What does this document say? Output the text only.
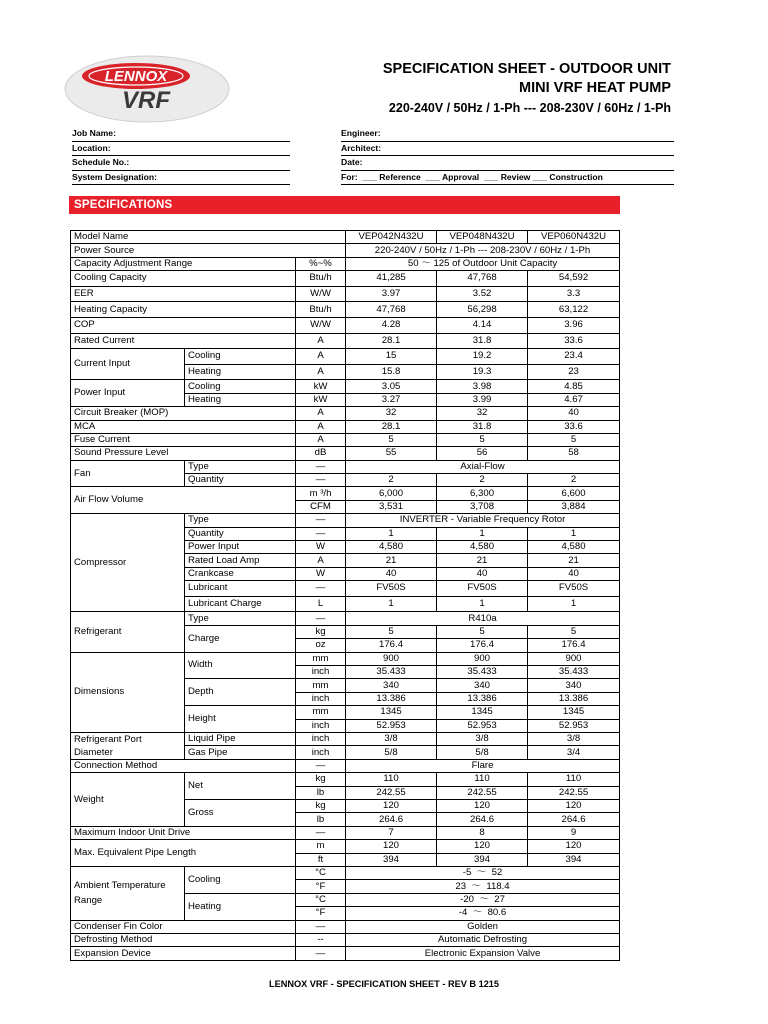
LENNOX
VRF
SPECIFICATION SHEET - OUTDOOR UNIT
MINI VRF HEAT PUMP
220-240V / 50Hz / 1-Ph --- 208-230V / 60Hz / 1-Ph
Job Name:
Location:
Schedule No.:
System Designation:
Engineer:
Architect:
Date:
For:  ___ Reference  ___ Approval  ___ Review ___ Construction
SPECIFICATIONS
Model Name			VEP042N432U	VEP048N432U	VEP060N432U
Power Source			220-240V / 50Hz / 1-Ph --- 208-230V / 60Hz / 1-Ph		
Capacity Adjustment Range		%~%	50 ～ 125 of Outdoor Unit Capacity		
Cooling Capacity		Btu/h	41,285	47,768	54,592
EER		W/W	3.97	3.52	3.3
Heating Capacity		Btu/h	47,768	56,298	63,122
COP		W/W	4.28	4.14	3.96
Rated Current		A	28.1	31.8	33.6
Current Input	Cooling	A	15	19.2	23.4
	Heating	A	15.8	19.3	23
Power Input	Cooling	kW	3.05	3.98	4.85
	Heating	kW	3.27	3.99	4.67
Circuit Breaker (MOP)		A	32	32	40
MCA		A	28.1	31.8	33.6
Fuse Current		A	5	5	5
Sound Pressure Level		dB	55	56	58
Fan	Type	—	Axial-Flow		
	Quantity	—	2	2	2
Air Flow Volume		m ³/h	6,000	6,300	6,600
		CFM	3,531	3,708	3,884
Compressor	Type	—	INVERTER - Variable Frequency Rotor		
	Quantity	—	1	1	1
	Power Input	W	4,580	4,580	4,580
	Rated Load Amp	A	21	21	21
	Crankcase	W	40	40	40
	Lubricant	—	FV50S	FV50S	FV50S
	Lubricant Charge	L	1	1	1
Refrigerant	Type	—	R410a		
	Charge	kg	5	5	5
		oz	176.4	176.4	176.4
Dimensions	Width	mm	900	900	900
		inch	35.433	35.433	35.433
	Depth	mm	340	340	340
		inch	13.386	13.386	13.386
	Height	mm	1345	1345	1345
		inch	52.953	52.953	52.953
Refrigerant Port Diameter	Liquid Pipe	inch	3/8	3/8	3/8
	Gas Pipe	inch	5/8	5/8	3/4
Connection Method		—	Flare		
Weight	Net	kg	110	110	110
		lb	242.55	242.55	242.55
	Gross	kg	120	120	120
		lb	264.6	264.6	264.6
Maximum Indoor Unit Drive		—	7	8	9
Max. Equivalent Pipe Length		m	120	120	120
		ft	394	394	394
Ambient Temperature Range	Cooling	°C	-5  ～  52		
		°F	23  ～  118.4		
	Heating	°C	-20  ～  27		
		°F	-4  ～  80.6		
Condenser Fin Color		—	Golden		
Defrosting Method		--	Automatic Defrosting		
Expansion Device		—	Electronic Expansion Valve		
LENNOX VRF - SPECIFICATION SHEET - REV B 1215
